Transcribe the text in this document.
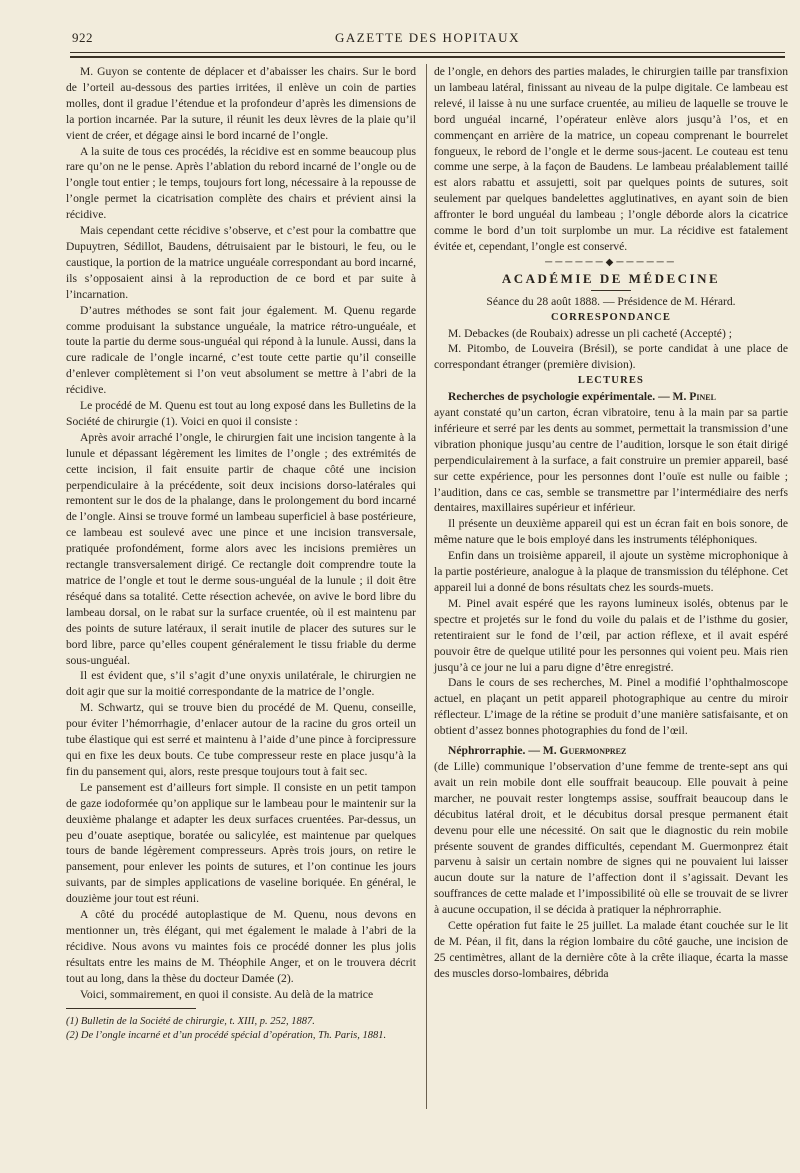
922	GAZETTE DES HOPITAUX

M. Guyon se contente de déplacer et d’abaisser les chairs. Sur le bord de l’orteil au-dessous des parties irritées, il enlève un coin de parties molles, dont il gradue l’étendue et la profondeur d’après les dimensions de la portion incarnée. Par la suture, il réunit les deux lèvres de la plaie qu’il vient de créer, et dégage ainsi le bord incarné de l’ongle.

A la suite de tous ces procédés, la récidive est en somme beaucoup plus rare qu’on ne le pense. Après l’ablation du rebord incarné de l’ongle ou de l’ongle tout entier ; le temps, toujours fort long, nécessaire à la repousse de l’ongle permet la cicatrisation complète des chairs et prévient ainsi la récidive.

Mais cependant cette récidive s’observe, et c’est pour la combattre que Dupuytren, Sédillot, Baudens, détruisaient par le bistouri, le feu, ou le caustique, la portion de la matrice unguéale correspondant au bord incarné, ils s’opposaient ainsi à la reproduction de ce bord et par suite à l’incarnation.

D’autres méthodes se sont fait jour également. M. Quenu regarde comme produisant la substance unguéale, la matrice rétro-unguéale, et toute la partie du derme sous-unguéal qui répond à la lunule. Aussi, dans la cure radicale de l’ongle incarné, c’est toute cette partie qu’il conseille d’enlever complètement si l’on veut absolument se mettre à l’abri de la récidive.

Le procédé de M. Quenu est tout au long exposé dans les Bulletins de la Société de chirurgie (1). Voici en quoi il consiste :

Après avoir arraché l’ongle, le chirurgien fait une incision tangente à la lunule et dépassant légèrement les limites de l’ongle ; des extrémités de cette incision, il fait ensuite partir de chaque côté une incision perpendiculaire à la précédente, soit deux incisions dorso-latérales qui remontent sur le dos de la phalange, dans le prolongement du bord incarné de l’ongle. Ainsi se trouve formé un lambeau superficiel à base postérieure, ce lambeau est soulevé avec une pince et une incision transversale, pratiquée profondément, forme alors avec les incisions premières un rectangle transversalement dirigé. Ce rectangle doit comprendre toute la matrice de l’ongle et tout le derme sous-unguéal de la lunule ; il doit être réséqué dans sa totalité. Cette résection achevée, on avive le bord libre du lambeau dorsal, on le rabat sur la surface cruentée, où il est maintenu par des points de suture latéraux, il serait inutile de placer des sutures sur le bord libre, parce qu’elles coupent généralement le tissu friable du derme sous-unguéal.

Il est évident que, s’il s’agit d’une onyxis unilatérale, le chirurgien ne doit agir que sur la moitié correspondante de la matrice de l’ongle.

M. Schwartz, qui se trouve bien du procédé de M. Quenu, conseille, pour éviter l’hémorrhagie, d’enlacer autour de la racine du gros orteil un tube élastique qui est serré et maintenu à l’aide d’une pince à forcipressure qui en fixe les deux bouts. Ce tube compresseur reste en place jusqu’à la fin du pansement qui, alors, reste presque toujours tout à fait sec.

Le pansement est d’ailleurs fort simple. Il consiste en un petit tampon de gaze iodoformée qu’on applique sur le lambeau pour le maintenir sur la deuxième phalange et adapter les deux surfaces cruentées. Par-dessus, un peu d’ouate aseptique, boratée ou salicylée, est maintenue par quelques tours de bande légèrement compresseurs. Après trois jours, on retire le pansement, pour enlever les points de sutures, et l’on continue les jours suivants, par de simples applications de vaseline boriquée. En général, le douzième jour tout est réuni.

A côté du procédé autoplastique de M. Quenu, nous devons en mentionner un, très élégant, qui met également le malade à l’abri de la récidive. Nous avons vu maintes fois ce procédé donner les plus jolis résultats entre les mains de M. Théophile Anger, et on le trouvera décrit tout au long, dans la thèse du docteur Damée (2).

Voici, sommairement, en quoi il consiste. Au delà de la matrice

(1) Bulletin de la Société de chirurgie, t. XIII, p. 252, 1887.

(2) De l’ongle incarné et d’un procédé spécial d’opération, Th. Paris, 1881.

de l’ongle, en dehors des parties malades, le chirurgien taille par transfixion un lambeau latéral, finissant au niveau de la pulpe digitale. Ce lambeau est relevé, il laisse à nu une surface cruentée, au milieu de laquelle se trouve le bord unguéal incarné, l’opérateur enlève alors jusqu’à l’os, et en commençant en arrière de la matrice, un copeau comprenant le bourrelet fongueux, le rebord de l’ongle et le derme sous-jacent. Le couteau est tenu comme une serpe, à la façon de Baudens. Le lambeau préalablement taillé est alors rabattu et assujetti, soit par quelques points de sutures, soit seulement par quelques bandelettes agglutinatives, en ayant soin de bien affronter le bord unguéal du lambeau ; l’ongle déborde alors la cicatrice comme le bord d’un toit surplombe un mur. La récidive est fatalement évitée et, cependant, l’ongle est conservé.

──────◆──────

ACADÉMIE DE MÉDECINE

Séance du 28 août 1888. — Présidence de M. Hérard.

CORRESPONDANCE

M. Debackes (de Roubaix) adresse un pli cacheté (Accepté) ;

M. Pitombo, de Louveira (Brésil), se porte candidat à une place de correspondant étranger (première division).

LECTURES

Recherches de psychologie expérimentale. — M. Pinel

ayant constaté qu’un carton, écran vibratoire, tenu à la main par sa partie inférieure et serré par les dents au sommet, permettait la transmission d’une vibration phonique jusqu’au centre de l’audition, lorsque le son était dirigé perpendiculairement à la surface, a fait construire un premier appareil, basé sur cette expérience, pour les personnes dont l’ouïe est nulle ou faible ; l’audition, dans ce cas, semble se transmettre par l’intermédiaire des nerfs dentaires, maxillaires supérieur et inférieur.

Il présente un deuxième appareil qui est un écran fait en bois sonore, de même nature que le bois employé dans les instruments téléphoniques.

Enfin dans un troisième appareil, il ajoute un système microphonique à la partie postérieure, analogue à la plaque de transmission du téléphone. Cet appareil lui a donné de bons résultats chez les sourds-muets.

M. Pinel avait espéré que les rayons lumineux isolés, obtenus par le spectre et projetés sur le fond du voile du palais et de l’isthme du gosier, retentiraient sur le fond de l’œil, par action réflexe, et il avait espéré pouvoir être de quelque utilité pour les personnes qui voient peu. Mais rien jusqu’à ce jour ne lui a paru digne d’être enregistré.

Dans le cours de ses recherches, M. Pinel a modifié l’ophthalmoscope actuel, en plaçant un petit appareil photographique au centre du miroir réflecteur. L’image de la rétine se produit d’une manière satisfaisante, et on obtient d’assez bonnes photographies du fond de l’œil.

Néphrorraphie. — M. Guermonprez

(de Lille) communique l’observation d’une femme de trente-sept ans qui avait un rein mobile dont elle souffrait beaucoup. Elle pouvait à peine marcher, ne pouvait rester longtemps assise, souffrait beaucoup dans le décubitus latéral droit, et le décubitus dorsal presque permanent était devenu pour elle une nécessité. On sait que le diagnostic du rein mobile présente souvent de grandes difficultés, cependant M. Guermonprez était parvenu à saisir un certain nombre de signes qui ne pouvaient lui laisser aucun doute sur la nature de l’affection dont il s’agissait. Devant les souffrances de cette malade et l’impossibilité où elle se trouvait de se livrer à aucune occupation, il se décida à pratiquer la néphrorraphie.

Cette opération fut faite le 25 juillet. La malade étant couchée sur le lit de M. Péan, il fit, dans la région lombaire du côté gauche, une incision de 25 centimètres, allant de la dernière côte à la crête iliaque, écarta la masse des muscles dorso-lombaires, débrida
